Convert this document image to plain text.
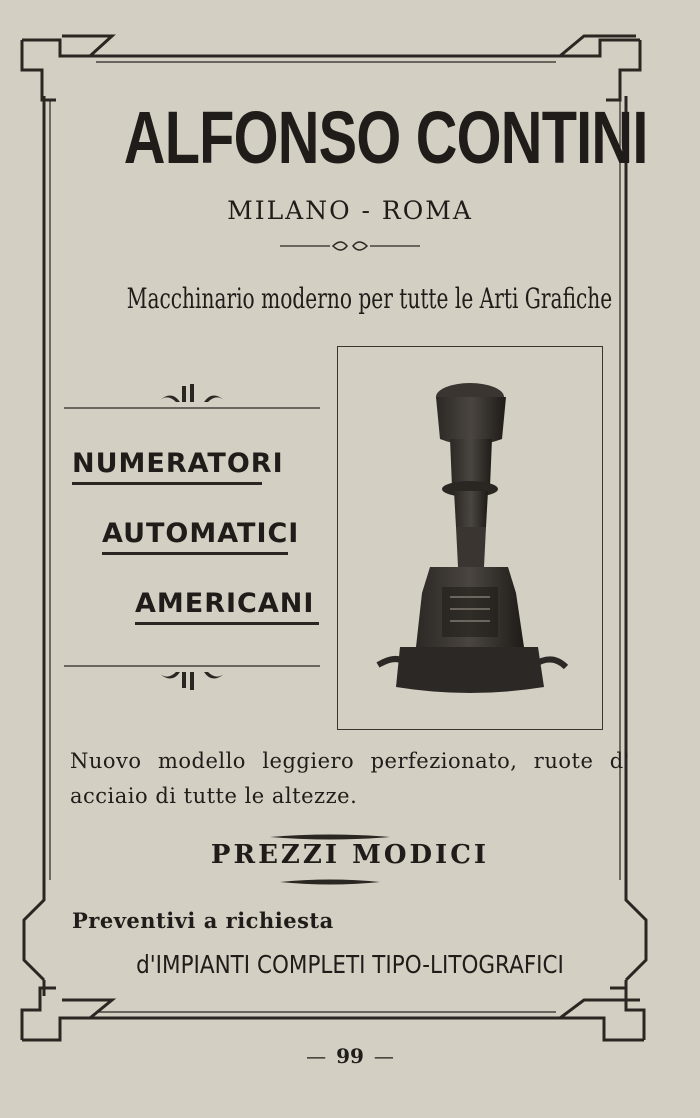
ALFONSO CONTINI
MILANO - ROMA
Macchinario moderno per tutte le Arti Grafiche
NUMERATORI
AUTOMATICI
AMERICANI
Nuovo modello leggiero perfezionato, ruote d' acciaio di tutte le altezze.
PREZZI MODICI
Preventivi a richiesta
d'IMPIANTI COMPLETI TIPO-LITOGRAFICI
— 99 —
